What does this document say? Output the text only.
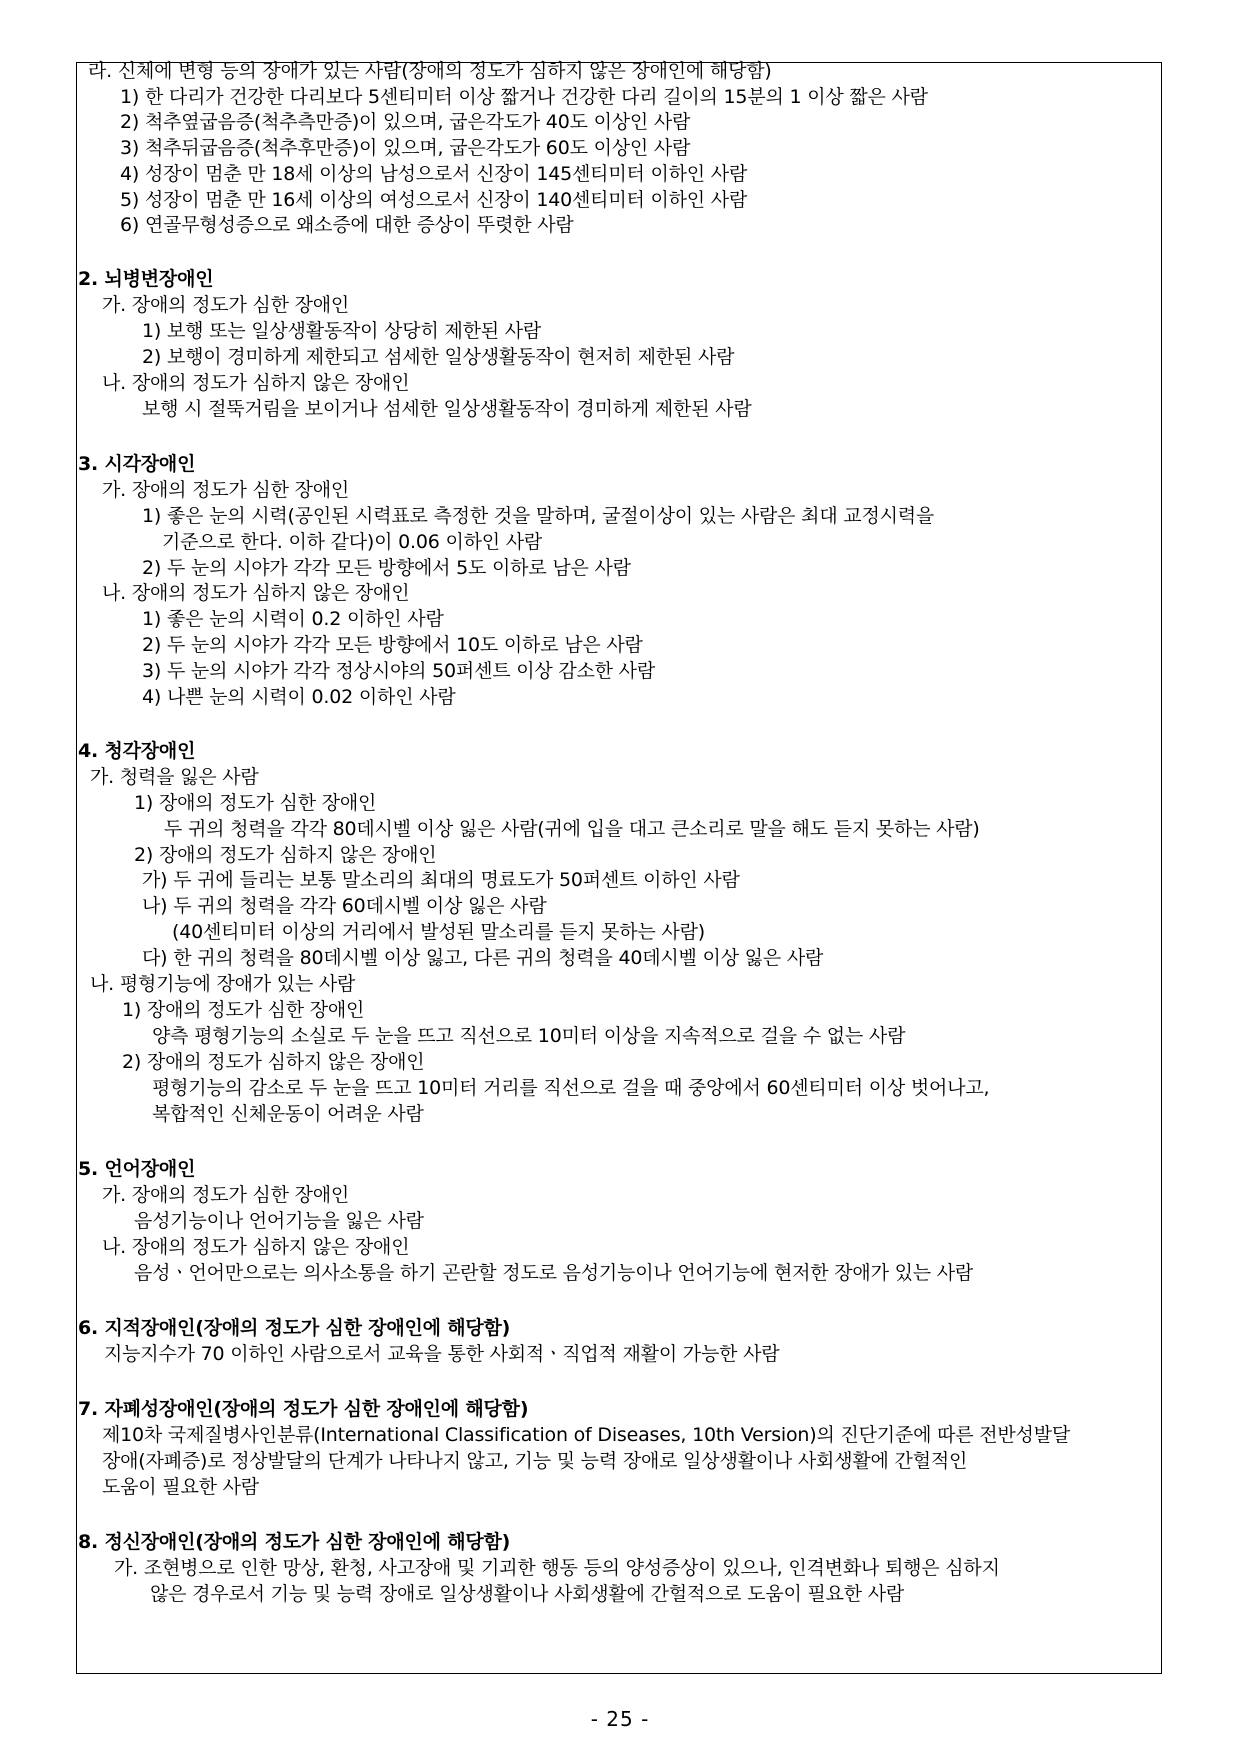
라. 신체에 변형 등의 장애가 있는 사람(장애의 정도가 심하지 않은 장애인에 해당함)
1) 한 다리가 건강한 다리보다 5센티미터 이상 짧거나 건강한 다리 길이의 15분의 1 이상 짧은 사람
2) 척추옆굽음증(척추측만증)이 있으며, 굽은각도가 40도 이상인 사람
3) 척추뒤굽음증(척추후만증)이 있으며, 굽은각도가 60도 이상인 사람
4) 성장이 멈춘 만 18세 이상의 남성으로서 신장이 145센티미터 이하인 사람
5) 성장이 멈춘 만 16세 이상의 여성으로서 신장이 140센티미터 이하인 사람
6) 연골무형성증으로 왜소증에 대한 증상이 뚜렷한 사람
2. 뇌병변장애인
가. 장애의 정도가 심한 장애인
1) 보행 또는 일상생활동작이 상당히 제한된 사람
2) 보행이 경미하게 제한되고 섬세한 일상생활동작이 현저히 제한된 사람
나. 장애의 정도가 심하지 않은 장애인
보행 시 절뚝거림을 보이거나 섬세한 일상생활동작이 경미하게 제한된 사람
3. 시각장애인
가. 장애의 정도가 심한 장애인
1) 좋은 눈의 시력(공인된 시력표로 측정한 것을 말하며, 굴절이상이 있는 사람은 최대 교정시력을
기준으로 한다. 이하 같다)이 0.06 이하인 사람
2) 두 눈의 시야가 각각 모든 방향에서 5도 이하로 남은 사람
나. 장애의 정도가 심하지 않은 장애인
1) 좋은 눈의 시력이 0.2 이하인 사람
2) 두 눈의 시야가 각각 모든 방향에서 10도 이하로 남은 사람
3) 두 눈의 시야가 각각 정상시야의 50퍼센트 이상 감소한 사람
4) 나쁜 눈의 시력이 0.02 이하인 사람
4. 청각장애인
가. 청력을 잃은 사람
1) 장애의 정도가 심한 장애인
두 귀의 청력을 각각 80데시벨 이상 잃은 사람(귀에 입을 대고 큰소리로 말을 해도 듣지 못하는 사람)
2) 장애의 정도가 심하지 않은 장애인
가) 두 귀에 들리는 보통 말소리의 최대의 명료도가 50퍼센트 이하인 사람
나) 두 귀의 청력을 각각 60데시벨 이상 잃은 사람
(40센티미터 이상의 거리에서 발성된 말소리를 듣지 못하는 사람)
다) 한 귀의 청력을 80데시벨 이상 잃고, 다른 귀의 청력을 40데시벨 이상 잃은 사람
나. 평형기능에 장애가 있는 사람
1) 장애의 정도가 심한 장애인
양측 평형기능의 소실로 두 눈을 뜨고 직선으로 10미터 이상을 지속적으로 걸을 수 없는 사람
2) 장애의 정도가 심하지 않은 장애인
평형기능의 감소로 두 눈을 뜨고 10미터 거리를 직선으로 걸을 때 중앙에서 60센티미터 이상 벗어나고,
복합적인 신체운동이 어려운 사람
5. 언어장애인
가. 장애의 정도가 심한 장애인
음성기능이나 언어기능을 잃은 사람
나. 장애의 정도가 심하지 않은 장애인
음성ㆍ언어만으로는 의사소통을 하기 곤란할 정도로 음성기능이나 언어기능에 현저한 장애가 있는 사람
6. 지적장애인(장애의 정도가 심한 장애인에 해당함)
지능지수가 70 이하인 사람으로서 교육을 통한 사회적ㆍ직업적 재활이 가능한 사람
7. 자폐성장애인(장애의 정도가 심한 장애인에 해당함)
제10차 국제질병사인분류(International Classification of Diseases, 10th Version)의 진단기준에 따른 전반성발달
장애(자폐증)로 정상발달의 단계가 나타나지 않고, 기능 및 능력 장애로 일상생활이나 사회생활에 간헐적인
도움이 필요한 사람
8. 정신장애인(장애의 정도가 심한 장애인에 해당함)
가. 조현병으로 인한 망상, 환청, 사고장애 및 기괴한 행동 등의 양성증상이 있으나, 인격변화나 퇴행은 심하지
않은 경우로서 기능 및 능력 장애로 일상생활이나 사회생활에 간헐적으로 도움이 필요한 사람
- 25 -
